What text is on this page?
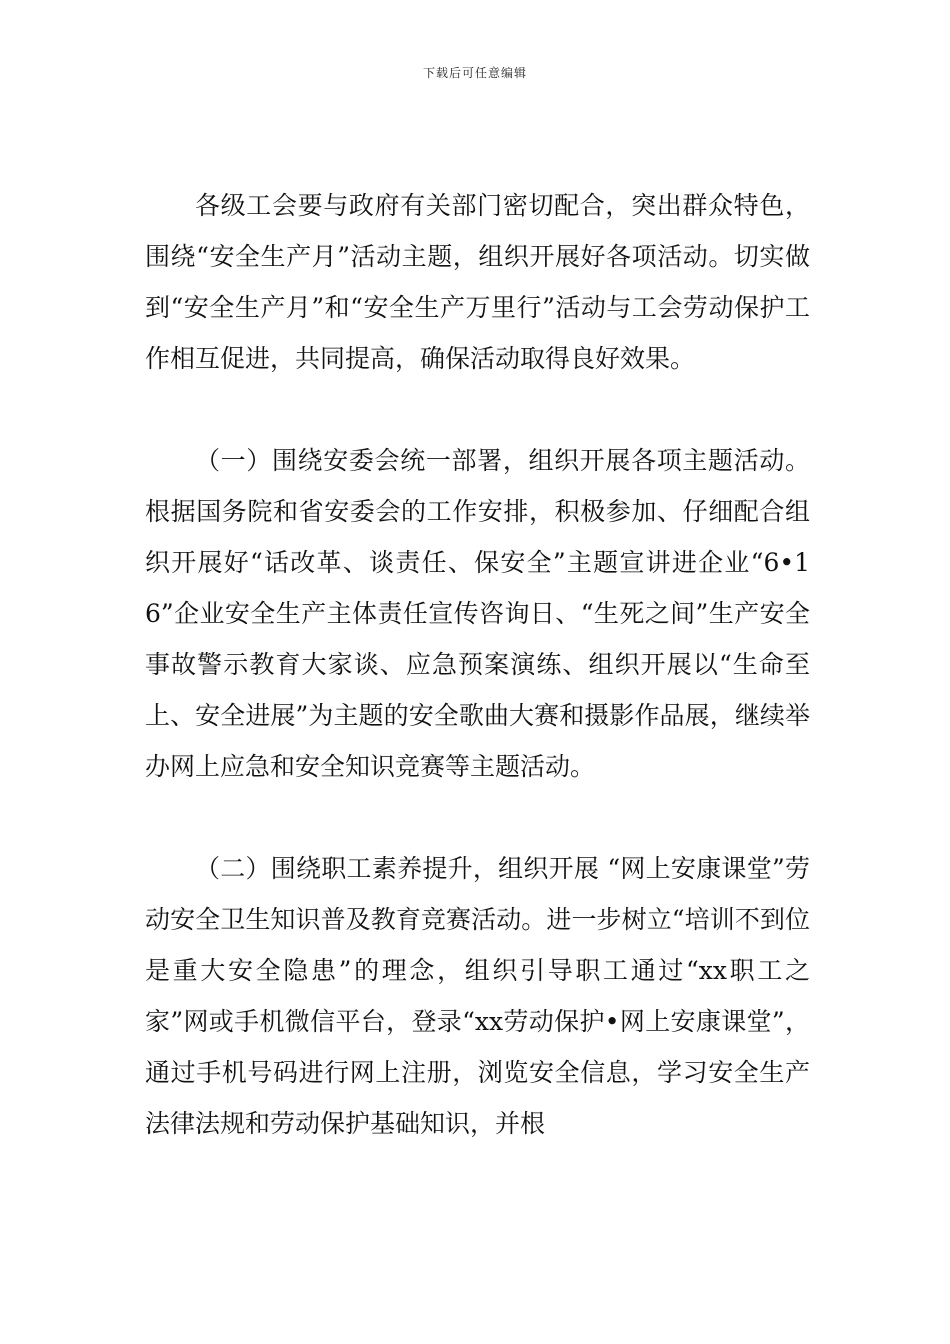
下载后可任意编辑

各级工会要与政府有关部门密切配合，突出群众特色，围绕“安全生产月”活动主题，组织开展好各项活动。切实做到“安全生产月”和“安全生产万里行”活动与工会劳动保护工作相互促进，共同提高，确保活动取得良好效果。

（一）围绕安委会统一部署，组织开展各项主题活动。根据国务院和省安委会的工作安排，积极参加、仔细配合组织开展好“话改革、谈责任、保安全”主题宣讲进企业“6•16”企业安全生产主体责任宣传咨询日、“生死之间”生产安全事故警示教育大家谈、应急预案演练、组织开展以“生命至上、安全进展”为主题的安全歌曲大赛和摄影作品展，继续举办网上应急和安全知识竞赛等主题活动。

（二）围绕职工素养提升，组织开展 “网上安康课堂”劳动安全卫生知识普及教育竞赛活动。进一步树立“培训不到位是重大安全隐患”的理念，组织引导职工通过“xx职工之家”网或手机微信平台，登录“xx劳动保护•网上安康课堂”，通过手机号码进行网上注册，浏览安全信息，学习安全生产法律法规和劳动保护基础知识，并根
